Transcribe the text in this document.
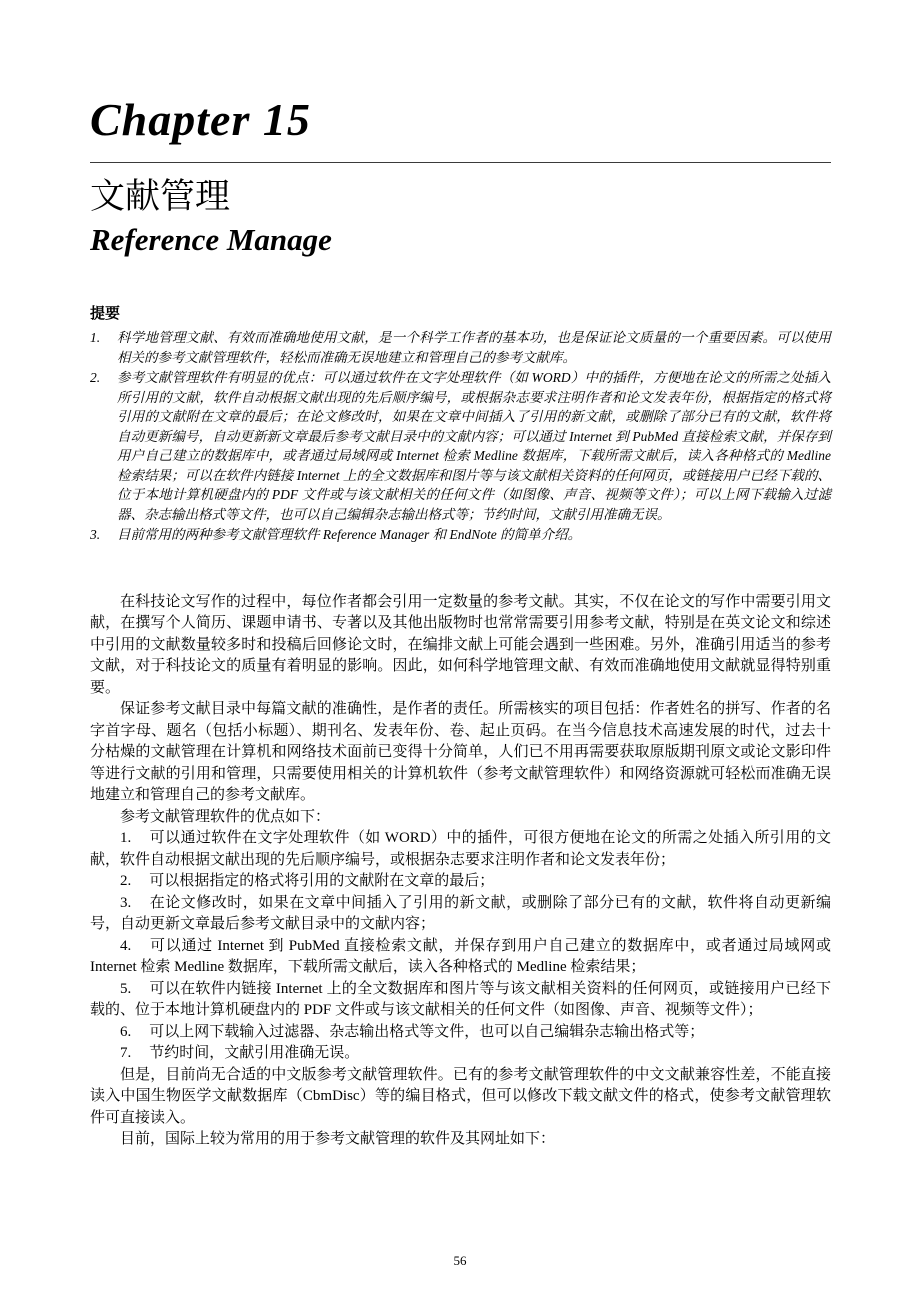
Chapter 15
文献管理
Reference Manage
提要
1.	科学地管理文献、有效而准确地使用文献，是一个科学工作者的基本功，也是保证论文质量的一个重要因素。可以使用相关的参考文献管理软件，轻松而准确无误地建立和管理自己的参考文献库。
2.	参考文献管理软件有明显的优点：可以通过软件在文字处理软件（如 WORD）中的插件，方便地在论文的所需之处插入所引用的文献，软件自动根据文献出现的先后顺序编号，或根据杂志要求注明作者和论文发表年份，根据指定的格式将引用的文献附在文章的最后；在论文修改时，如果在文章中间插入了引用的新文献，或删除了部分已有的文献，软件将自动更新编号，自动更新新文章最后参考文献目录中的文献内容；可以通过 Internet 到 PubMed 直接检索文献，并保存到用户自己建立的数据库中，或者通过局域网或 Internet 检索 Medline 数据库，下载所需文献后，读入各种格式的 Medline 检索结果；可以在软件内链接 Internet 上的全文数据库和图片等与该文献相关资料的任何网页，或链接用户已经下载的、位于本地计算机硬盘内的 PDF 文件或与该文献相关的任何文件（如图像、声音、视频等文件）；可以上网下载输入过滤器、杂志输出格式等文件，也可以自己编辑杂志输出格式等；节约时间，文献引用准确无误。
3.	目前常用的两种参考文献管理软件 Reference Manager 和 EndNote 的简单介绍。

在科技论文写作的过程中，每位作者都会引用一定数量的参考文献。其实，不仅在论文的写作中需要引用文献，在撰写个人简历、课题申请书、专著以及其他出版物时也常常需要引用参考文献，特别是在英文论文和综述中引用的文献数量较多时和投稿后回修论文时，在编排文献上可能会遇到一些困难。另外，准确引用适当的参考文献，对于科技论文的质量有着明显的影响。因此，如何科学地管理文献、有效而准确地使用文献就显得特别重要。

保证参考文献目录中每篇文献的准确性，是作者的责任。所需核实的项目包括：作者姓名的拼写、作者的名字首字母、题名（包括小标题）、期刊名、发表年份、卷、起止页码。在当今信息技术高速发展的时代，过去十分枯燥的文献管理在计算机和网络技术面前已变得十分简单，人们已不用再需要获取原版期刊原文或论文影印件等进行文献的引用和管理，只需要使用相关的计算机软件（参考文献管理软件）和网络资源就可轻松而准确无误地建立和管理自己的参考文献库。

参考文献管理软件的优点如下：

1. 可以通过软件在文字处理软件（如 WORD）中的插件，可很方便地在论文的所需之处插入所引用的文献，软件自动根据文献出现的先后顺序编号，或根据杂志要求注明作者和论文发表年份；

2. 可以根据指定的格式将引用的文献附在文章的最后；

3. 在论文修改时，如果在文章中间插入了引用的新文献，或删除了部分已有的文献，软件将自动更新编号，自动更新文章最后参考文献目录中的文献内容；

4. 可以通过 Internet 到 PubMed 直接检索文献，并保存到用户自己建立的数据库中，或者通过局域网或 Internet 检索 Medline 数据库，下载所需文献后，读入各种格式的 Medline 检索结果；

5. 可以在软件内链接 Internet 上的全文数据库和图片等与该文献相关资料的任何网页，或链接用户已经下载的、位于本地计算机硬盘内的 PDF 文件或与该文献相关的任何文件（如图像、声音、视频等文件）；

6. 可以上网下载输入过滤器、杂志输出格式等文件，也可以自己编辑杂志输出格式等；

7. 节约时间，文献引用准确无误。

但是，目前尚无合适的中文版参考文献管理软件。已有的参考文献管理软件的中文文献兼容性差，不能直接读入中国生物医学文献数据库（CbmDisc）等的编目格式，但可以修改下载文献文件的格式，使参考文献管理软件可直接读入。

目前，国际上较为常用的用于参考文献管理的软件及其网址如下：

56
